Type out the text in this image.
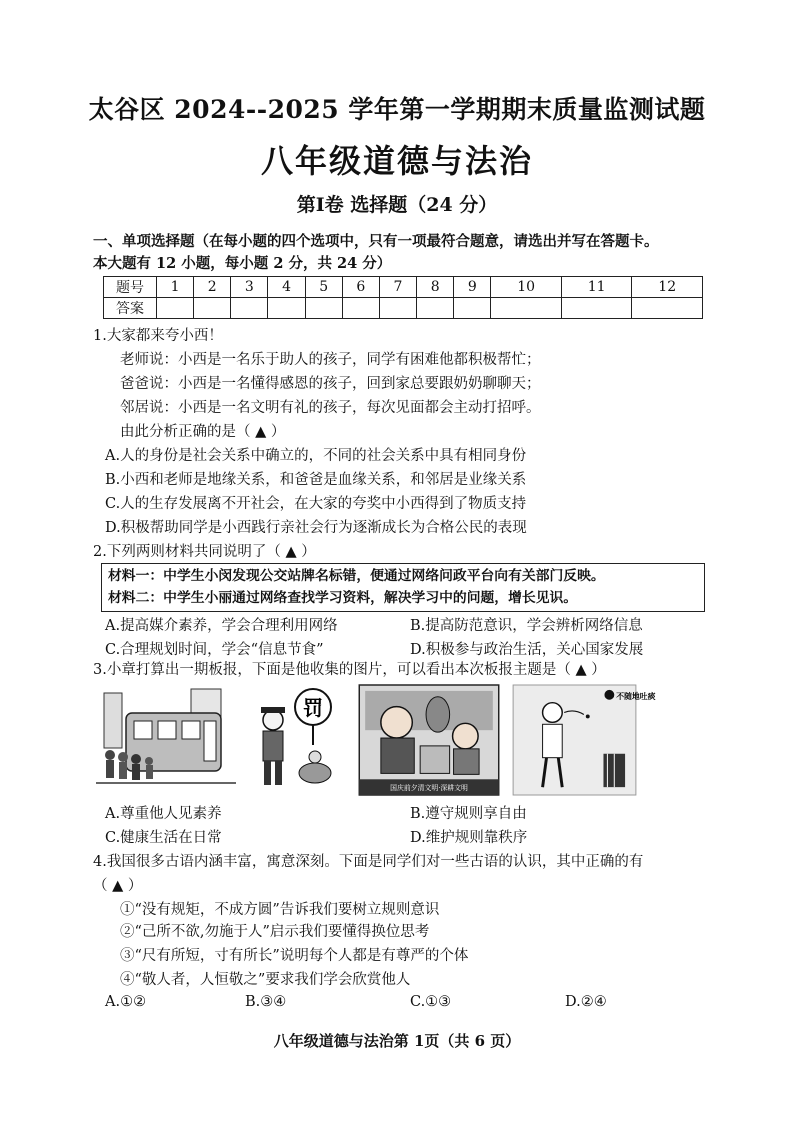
太谷区 2024--2025 学年第一学期期末质量监测试题
八年级道德与法治
第Ⅰ卷 选择题（24 分）
一、单项选择题（在每小题的四个选项中，只有一项最符合题意，请选出并写在答题卡。
本大题有 12 小题，每小题 2 分，共 24 分）
题号	1	2	3	4	5	6	7	8	9	10	11	12
答案												
1.大家都来夸小西！
老师说：小西是一名乐于助人的孩子，同学有困难他都积极帮忙；
爸爸说：小西是一名懂得感恩的孩子，回到家总要跟奶奶聊聊天；
邻居说：小西是一名文明有礼的孩子，每次见面都会主动打招呼。
由此分析正确的是（ ▲ ）
A.人的身份是社会关系中确立的，不同的社会关系中具有相同身份
B.小西和老师是地缘关系，和爸爸是血缘关系，和邻居是业缘关系
C.人的生存发展离不开社会，在大家的夸奖中小西得到了物质支持
D.积极帮助同学是小西践行亲社会行为逐渐成长为合格公民的表现
2.下列两则材料共同说明了（ ▲ ）
材料一：中学生小闵发现公交站牌名标错，便通过网络问政平台向有关部门反映。
材料二：中学生小丽通过网络查找学习资料，解决学习中的问题，增长见识。
A.提高媒介素养，学会合理利用网络	B.提高防范意识，学会辨析网络信息
C.合理规划时间，学会“信息节食”	D.积极参与政治生活，关心国家发展
3.小章打算出一期板报，下面是他收集的图片，可以看出本次板报主题是（ ▲ ）
罚
国庆前夕清文明·深耕文明
不随地吐痰
A.尊重他人见素养	B.遵守规则享自由
C.健康生活在日常	D.维护规则靠秩序
4.我国很多古语内涵丰富，寓意深刻。下面是同学们对一些古语的认识，其中正确的有
（ ▲ ）
①“没有规矩，不成方圆”告诉我们要树立规则意识
②“己所不欲,勿施于人”启示我们要懂得换位思考
③“尺有所短，寸有所长”说明每个人都是有尊严的个体
④“敬人者，人恒敬之”要求我们学会欣赏他人
A.①②	B.③④	C.①③	D.②④
八年级道德与法治第 1页（共 6 页）
